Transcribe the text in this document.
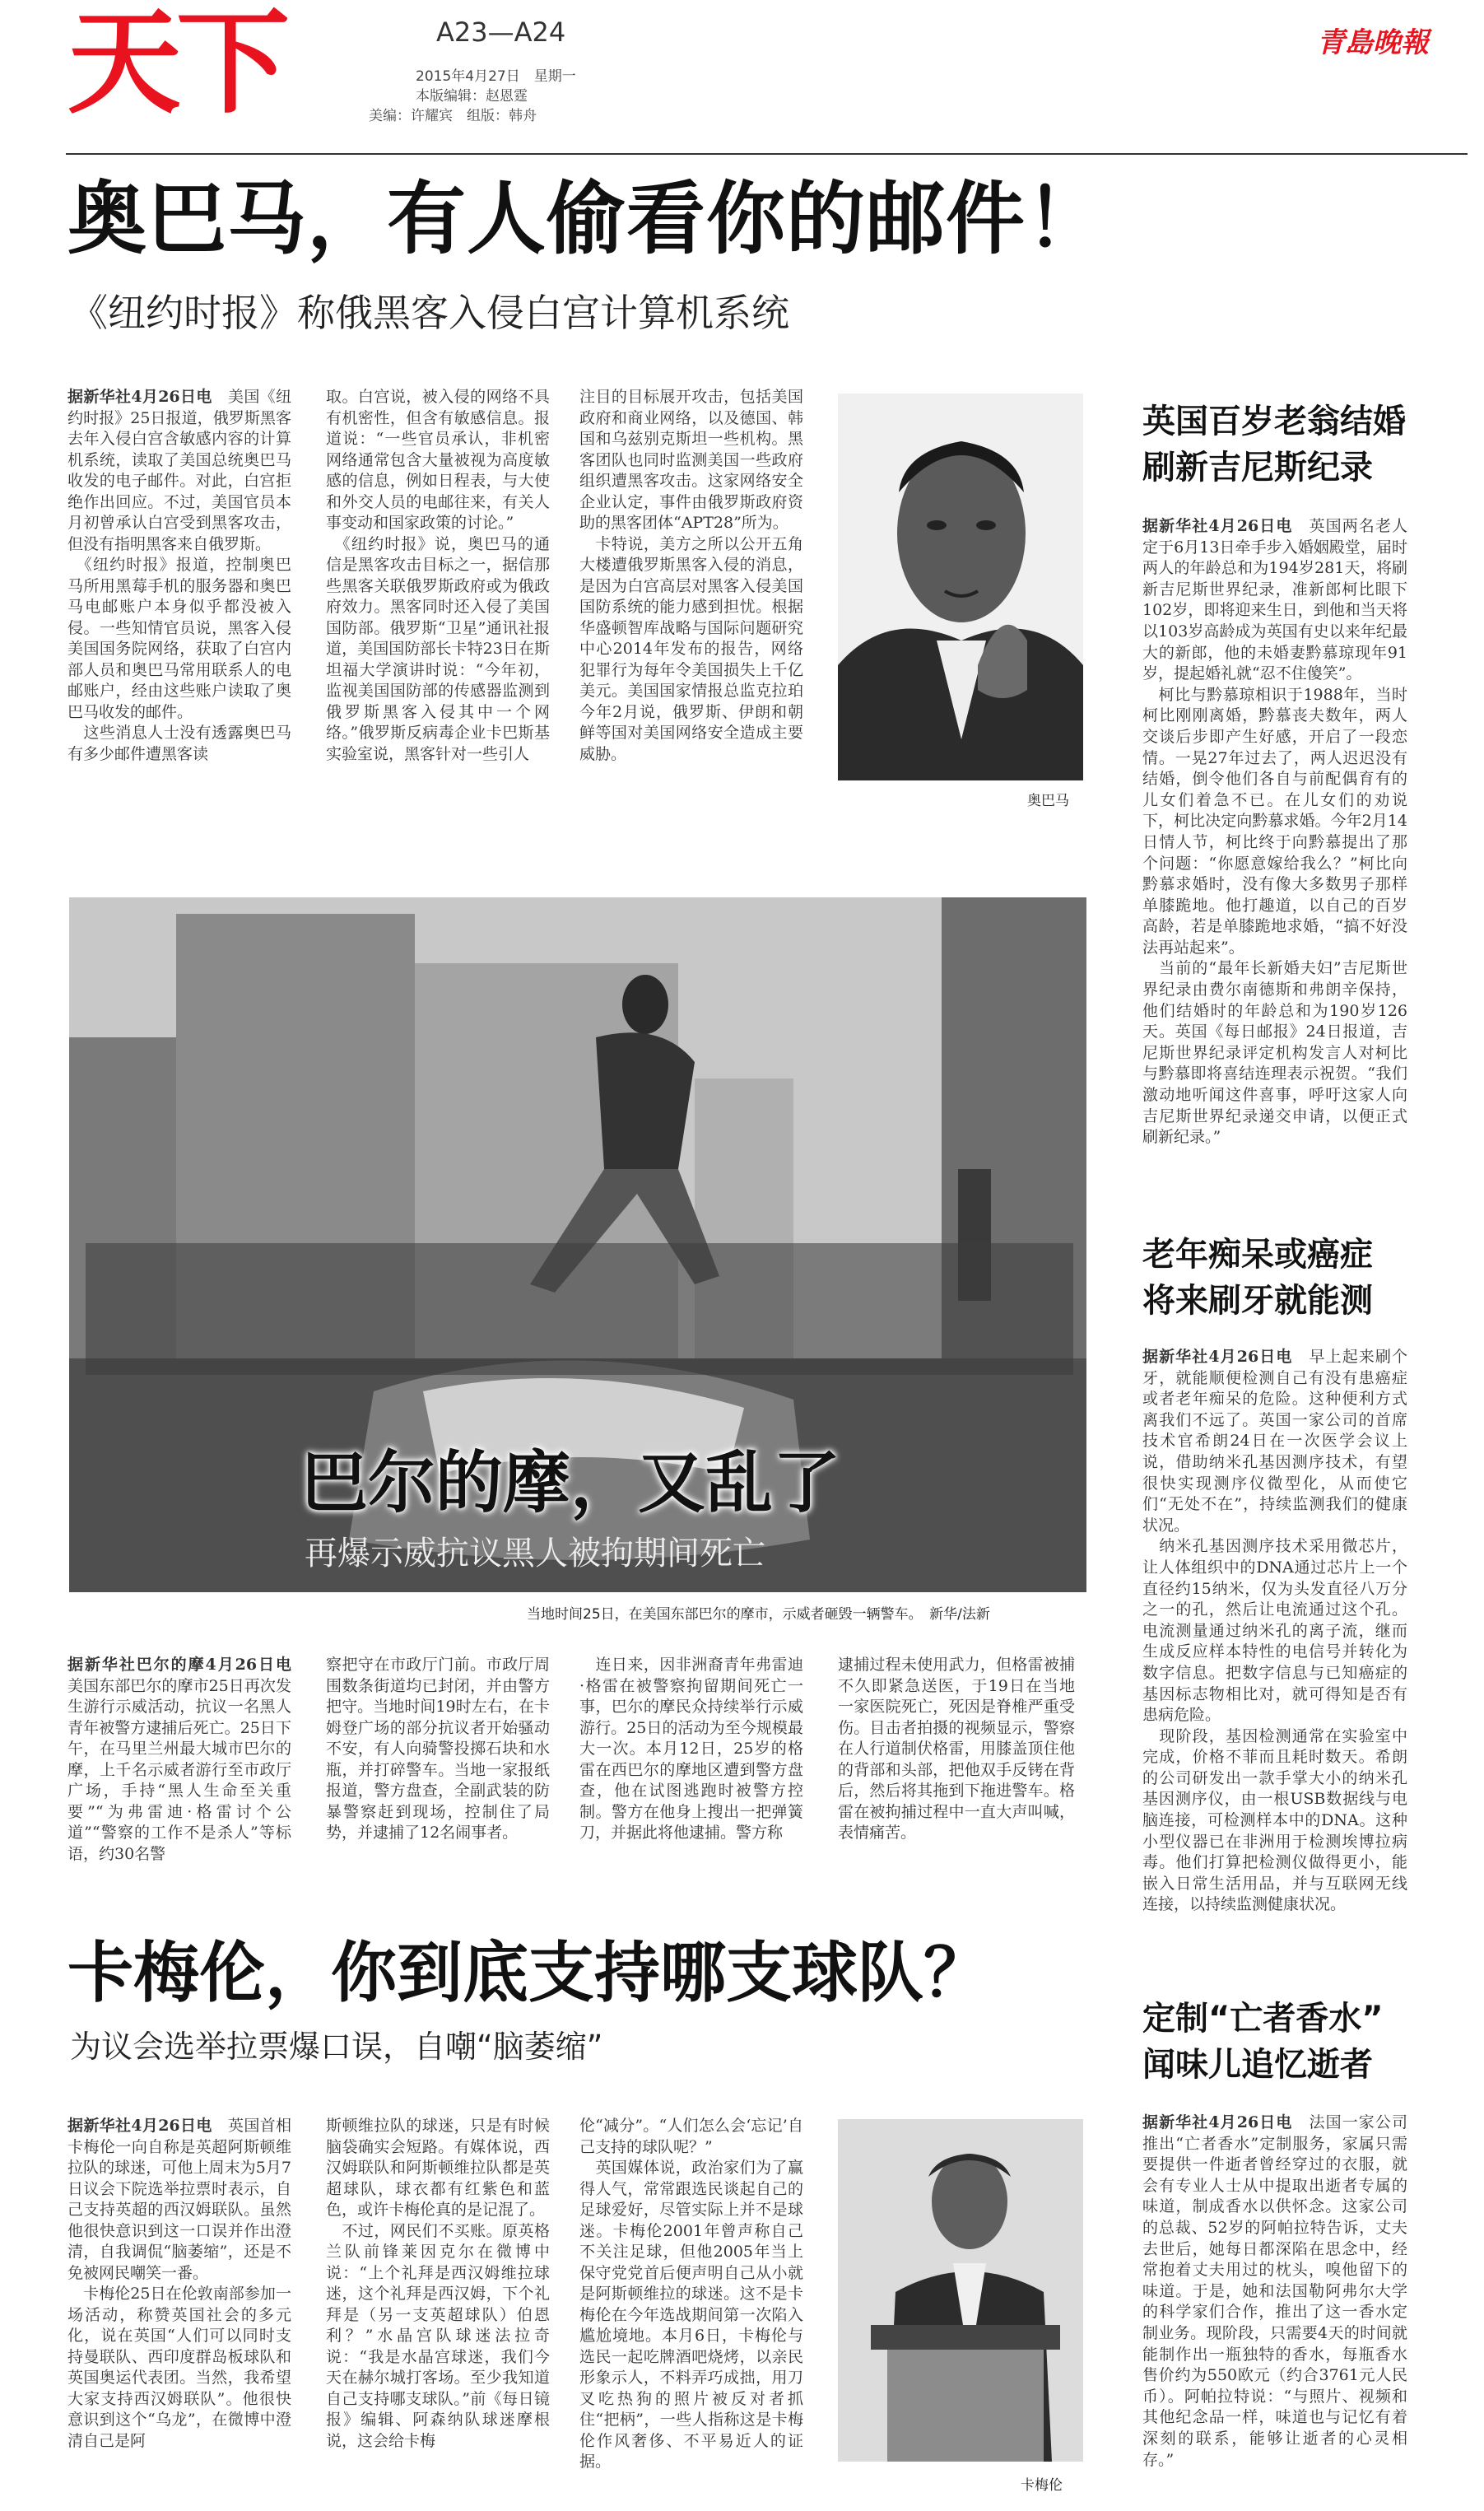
天下	A23—A24
2015年4月27日　星期一
本版编辑：赵恩霆
美编：许耀宾　组版：韩舟
青島晚報
奥巴马，有人偷看你的邮件！
《纽约时报》称俄黑客入侵白宫计算机系统
据新华社4月26日电　美国《纽约时报》25日报道，俄罗斯黑客去年入侵白宫含敏感内容的计算机系统，读取了美国总统奥巴马收发的电子邮件。对此，白宫拒绝作出回应。不过，美国官员本月初曾承认白宫受到黑客攻击，但没有指明黑客来自俄罗斯。
　《纽约时报》报道，控制奥巴马所用黑莓手机的服务器和奥巴马电邮账户本身似乎都没被入侵。一些知情官员说，黑客入侵美国国务院网络，获取了白宫内部人员和奥巴马常用联系人的电邮账户，经由这些账户读取了奥巴马收发的邮件。
　这些消息人士没有透露奥巴马有多少邮件遭黑客读
取。白宫说，被入侵的网络不具有机密性，但含有敏感信息。报道说：“一些官员承认，非机密网络通常包含大量被视为高度敏感的信息，例如日程表，与大使和外交人员的电邮往来，有关人事变动和国家政策的讨论。”
　《纽约时报》说，奥巴马的通信是黑客攻击目标之一，据信那些黑客关联俄罗斯政府或为俄政府效力。黑客同时还入侵了美国国防部。俄罗斯“卫星”通讯社报道，美国国防部长卡特23日在斯坦福大学演讲时说：“今年初，监视美国国防部的传感器监测到俄罗斯黑客入侵其中一个网络。”俄罗斯反病毒企业卡巴斯基实验室说，黑客针对一些引人
注目的目标展开攻击，包括美国政府和商业网络，以及德国、韩国和乌兹别克斯坦一些机构。黑客团队也同时监测美国一些政府组织遭黑客攻击。这家网络安全企业认定，事件由俄罗斯政府资助的黑客团体“APT28”所为。
　卡特说，美方之所以公开五角大楼遭俄罗斯黑客入侵的消息，是因为白宫高层对黑客入侵美国国防系统的能力感到担忧。根据华盛顿智库战略与国际问题研究中心2014年发布的报告，网络犯罪行为每年令美国损失上千亿美元。美国国家情报总监克拉珀今年2月说，俄罗斯、伊朗和朝鲜等国对美国网络安全造成主要威胁。
奥巴马
巴尔的摩，又乱了
再爆示威抗议黑人被拘期间死亡
当地时间25日，在美国东部巴尔的摩市，示威者砸毁一辆警车。　新华/法新
据新华社巴尔的摩4月26日电　美国东部巴尔的摩市25日再次发生游行示威活动，抗议一名黑人青年被警方逮捕后死亡。25日下午，在马里兰州最大城市巴尔的摩，上千名示威者游行至市政厅广场，手持“黑人生命至关重要”“为弗雷迪·格雷讨个公道”“警察的工作不是杀人”等标语，约30名警
察把守在市政厅门前。市政厅周围数条街道均已封闭，并由警方把守。当地时间19时左右，在卡姆登广场的部分抗议者开始骚动不安，有人向骑警投掷石块和水瓶，并打碎警车。当地一家报纸报道，警方盘查，全副武装的防暴警察赶到现场，控制住了局势，并逮捕了12名闹事者。
　连日来，因非洲裔青年弗雷迪·格雷在被警察拘留期间死亡一事，巴尔的摩民众持续举行示威游行。25日的活动为至今规模最大一次。本月12日，25岁的格雷在西巴尔的摩地区遭到警方盘查，他在试图逃跑时被警方控制。警方在他身上搜出一把弹簧刀，并据此将他逮捕。警方称
逮捕过程未使用武力，但格雷被捕不久即紧急送医，于19日在当地一家医院死亡，死因是脊椎严重受伤。目击者拍摄的视频显示，警察在人行道制伏格雷，用膝盖顶住他的背部和头部，把他双手反铐在背后，然后将其拖到下拖进警车。格雷在被拘捕过程中一直大声叫喊，表情痛苦。
卡梅伦，你到底支持哪支球队？
为议会选举拉票爆口误，自嘲“脑萎缩”
据新华社4月26日电　英国首相卡梅伦一向自称是英超阿斯顿维拉队的球迷，可他上周末为5月7日议会下院选举拉票时表示，自己支持英超的西汉姆联队。虽然他很快意识到这一口误并作出澄清，自我调侃“脑萎缩”，还是不免被网民嘲笑一番。
　卡梅伦25日在伦敦南部参加一场活动，称赞英国社会的多元化，说在英国“人们可以同时支持曼联队、西印度群岛板球队和英国奥运代表团。当然，我希望大家支持西汉姆联队”。他很快意识到这个“乌龙”，在微博中澄清自己是阿
斯顿维拉队的球迷，只是有时候脑袋确实会短路。有媒体说，西汉姆联队和阿斯顿维拉队都是英超球队，球衣都有红紫色和蓝色，或许卡梅伦真的是记混了。
　不过，网民们不买账。原英格兰队前锋莱因克尔在微博中说：“上个礼拜是西汉姆维拉球迷，这个礼拜是西汉姆，下个礼拜是（另一支英超球队）伯恩利？”水晶宫队球迷法拉奇说：“我是水晶宫球迷，我们今天在赫尔城打客场。至少我知道自己支持哪支球队。”前《每日镜报》编辑、阿森纳队球迷摩根说，这会给卡梅
伦“减分”。“人们怎么会‘忘记’自己支持的球队呢？”
　英国媒体说，政治家们为了赢得人气，常常跟选民谈起自己的足球爱好，尽管实际上并不是球迷。卡梅伦2001年曾声称自己不关注足球，但他2005年当上保守党党首后便声明自己从小就是阿斯顿维拉的球迷。这不是卡梅伦在今年选战期间第一次陷入尴尬境地。本月6日，卡梅伦与选民一起吃牌酒吧烧烤，以亲民形象示人，不料弄巧成拙，用刀叉吃热狗的照片被反对者抓住“把柄”，一些人指称这是卡梅伦作风奢侈、不平易近人的证据。
卡梅伦
英国百岁老翁结婚
刷新吉尼斯纪录
据新华社4月26日电　英国两名老人定于6月13日牵手步入婚姻殿堂，届时两人的年龄总和为194岁281天，将刷新吉尼斯世界纪录，准新郎柯比眼下102岁，即将迎来生日，到他和当天将以103岁高龄成为英国有史以来年纪最大的新郎，他的未婚妻黔慕琼现年91岁，提起婚礼就“忍不住傻笑”。
　柯比与黔慕琼相识于1988年，当时柯比刚刚离婚，黔慕丧夫数年，两人交谈后步即产生好感，开启了一段恋情。一晃27年过去了，两人迟迟没有结婚，倒令他们各自与前配偶育有的儿女们着急不已。在儿女们的劝说下，柯比决定向黔慕求婚。今年2月14日情人节，柯比终于向黔慕提出了那个问题：“你愿意嫁给我么？”柯比向黔慕求婚时，没有像大多数男子那样单膝跪地。他打趣道，以自己的百岁高龄，若是单膝跪地求婚，“搞不好没法再站起来”。
　当前的“最年长新婚夫妇”吉尼斯世界纪录由费尔南德斯和弗朗辛保持，他们结婚时的年龄总和为190岁126天。英国《每日邮报》24日报道，吉尼斯世界纪录评定机构发言人对柯比与黔慕即将喜结连理表示祝贺。“我们激动地听闻这件喜事，呼吁这家人向吉尼斯世界纪录递交申请，以便正式刷新纪录。”
老年痴呆或癌症
将来刷牙就能测
据新华社4月26日电　早上起来刷个牙，就能顺便检测自己有没有患癌症或者老年痴呆的危险。这种便利方式离我们不远了。英国一家公司的首席技术官希朗24日在一次医学会议上说，借助纳米孔基因测序技术，有望很快实现测序仪微型化，从而使它们“无处不在”，持续监测我们的健康状况。
　纳米孔基因测序技术采用微芯片，让人体组织中的DNA通过芯片上一个直径约15纳米，仅为头发直径八万分之一的孔，然后让电流通过这个孔。电流测量通过纳米孔的离子流，继而生成反应样本特性的电信号并转化为数字信息。把数字信息与已知癌症的基因标志物相比对，就可得知是否有患病危险。
　现阶段，基因检测通常在实验室中完成，价格不菲而且耗时数天。希朗的公司研发出一款手掌大小的纳米孔基因测序仪，由一根USB数据线与电脑连接，可检测样本中的DNA。这种小型仪器已在非洲用于检测埃博拉病毒。他们打算把检测仪做得更小，能嵌入日常生活用品，并与互联网无线连接，以持续监测健康状况。
定制“亡者香水”
闻味儿追忆逝者
据新华社4月26日电　法国一家公司推出“亡者香水”定制服务，家属只需要提供一件逝者曾经穿过的衣服，就会有专业人士从中提取出逝者专属的味道，制成香水以供怀念。这家公司的总裁、52岁的阿帕拉特告诉，丈夫去世后，她每日都深陷在思念中，经常抱着丈夫用过的枕头，嗅他留下的味道。于是，她和法国勒阿弗尔大学的科学家们合作，推出了这一香水定制业务。现阶段，只需要4天的时间就能制作出一瓶独特的香水，每瓶香水售价约为550欧元（约合3761元人民币）。阿帕拉特说：“与照片、视频和其他纪念品一样，味道也与记忆有着深刻的联系，能够让逝者的心灵相存。”
